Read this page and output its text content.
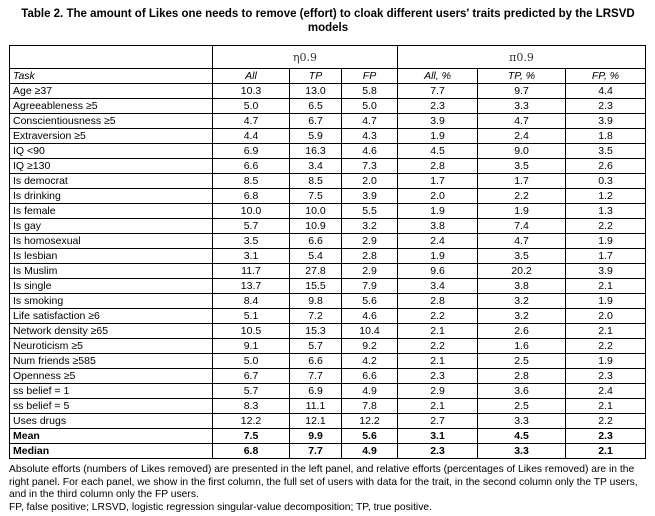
Table 2. The amount of Likes one needs to remove (effort) to cloak different users' traits predicted by the LRSVD models
	η0.9			π0.9		
Task	All	TP	FP	All, %	TP, %	FP, %
Age ≥37	10.3	13.0	5.8	7.7	9.7	4.4
Agreeableness ≥5	5.0	6.5	5.0	2.3	3.3	2.3
Conscientiousness ≥5	4.7	6.7	4.7	3.9	4.7	3.9
Extraversion ≥5	4.4	5.9	4.3	1.9	2.4	1.8
IQ <90	6.9	16.3	4.6	4.5	9.0	3.5
IQ ≥130	6.6	3.4	7.3	2.8	3.5	2.6
Is democrat	8.5	8.5	2.0	1.7	1.7	0.3
Is drinking	6.8	7.5	3.9	2.0	2.2	1.2
Is female	10.0	10.0	5.5	1.9	1.9	1.3
Is gay	5.7	10.9	3.2	3.8	7.4	2.2
Is homosexual	3.5	6.6	2.9	2.4	4.7	1.9
Is lesbian	3.1	5.4	2.8	1.9	3.5	1.7
Is Muslim	11.7	27.8	2.9	9.6	20.2	3.9
Is single	13.7	15.5	7.9	3.4	3.8	2.1
Is smoking	8.4	9.8	5.6	2.8	3.2	1.9
Life satisfaction ≥6	5.1	7.2	4.6	2.2	3.2	2.0
Network density ≥65	10.5	15.3	10.4	2.1	2.6	2.1
Neuroticism ≥5	9.1	5.7	9.2	2.2	1.6	2.2
Num friends ≥585	5.0	6.6	4.2	2.1	2.5	1.9
Openness ≥5	6.7	7.7	6.6	2.3	2.8	2.3
ss belief = 1	5.7	6.9	4.9	2.9	3.6	2.4
ss belief = 5	8.3	11.1	7.8	2.1	2.5	2.1
Uses drugs	12.2	12.1	12.2	2.7	3.3	2.2
Mean	7.5	9.9	5.6	3.1	4.5	2.3
Median	6.8	7.7	4.9	2.3	3.3	2.1

Absolute efforts (numbers of Likes removed) are presented in the left panel, and relative efforts (percentages of Likes removed) are in the right panel. For each panel, we show in the first column, the full set of users with data for the trait, in the second column only the TP users, and in the third column only the FP users.

FP, false positive; LRSVD, logistic regression singular-value decomposition; TP, true positive.
